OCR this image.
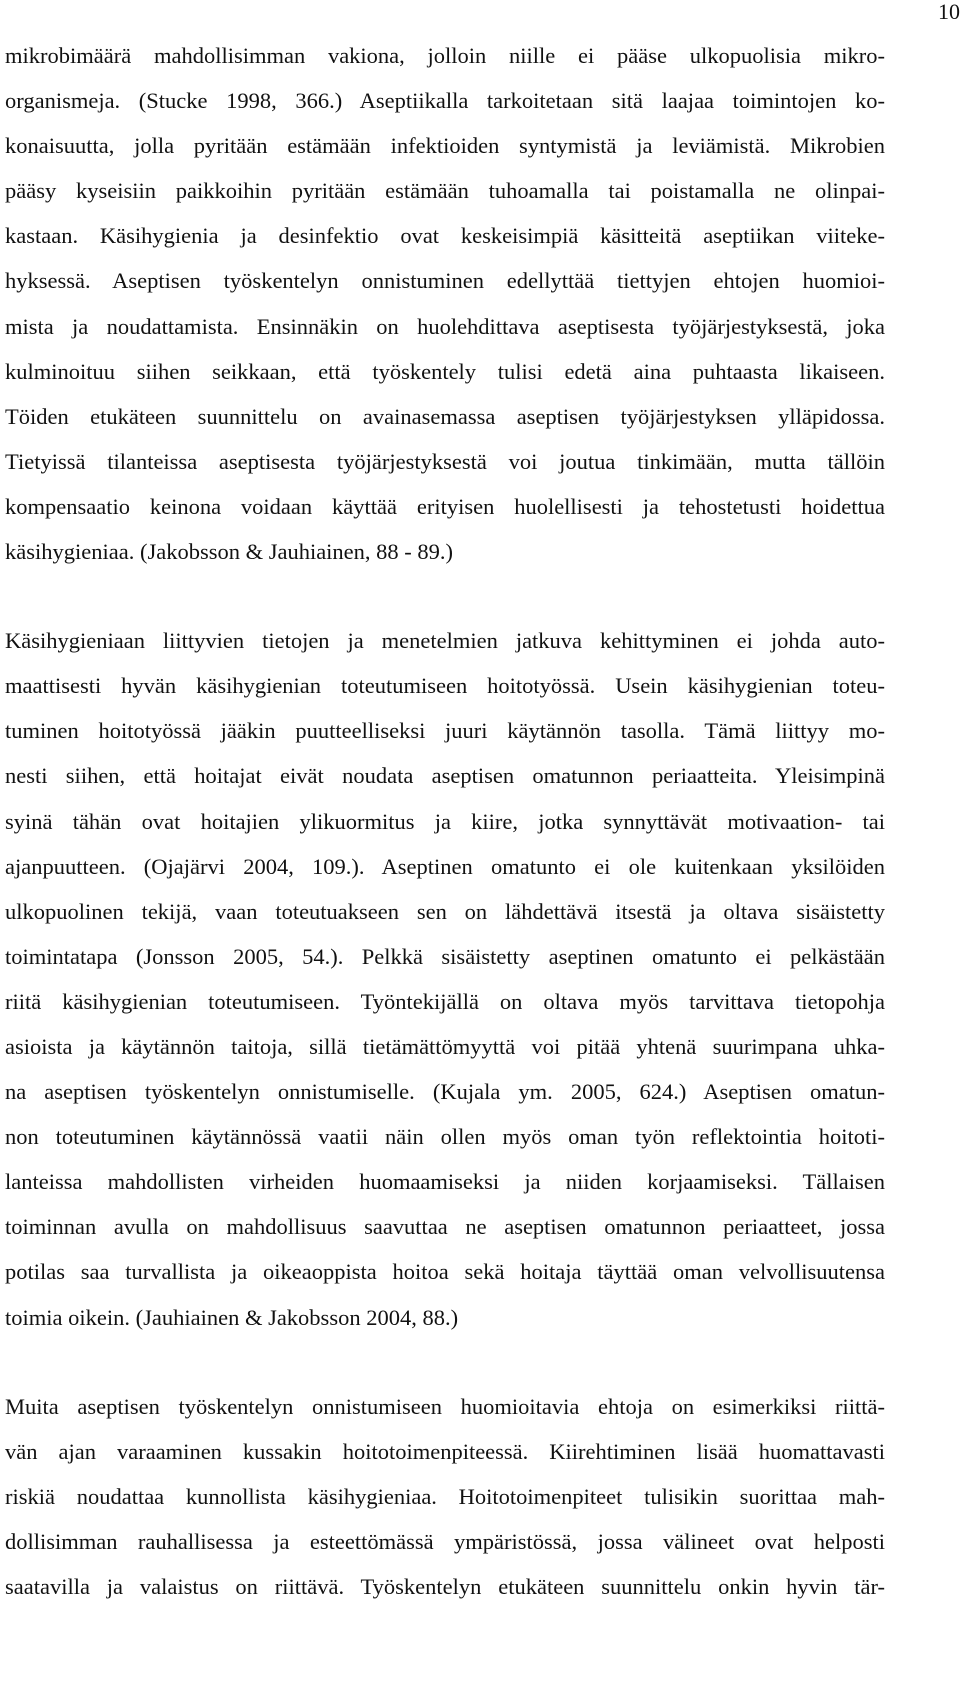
10
mikrobimäärä mahdollisimman vakiona, jolloin niille ei pääse ulkopuolisia mikro-
organismeja. (Stucke 1998, 366.) Aseptiikalla tarkoitetaan sitä laajaa toimintojen ko-
konaisuutta, jolla pyritään estämään infektioiden syntymistä ja leviämistä. Mikrobien
pääsy kyseisiin paikkoihin pyritään estämään tuhoamalla tai poistamalla ne olinpai-
kastaan. Käsihygienia ja desinfektio ovat keskeisimpiä käsitteitä aseptiikan viiteke-
hyksessä. Aseptisen työskentelyn onnistuminen edellyttää tiettyjen ehtojen huomioi-
mista ja noudattamista. Ensinnäkin on huolehdittava aseptisesta työjärjestyksestä, joka
kulminoituu siihen seikkaan, että työskentely tulisi edetä aina puhtaasta likaiseen.
Töiden etukäteen suunnittelu on avainasemassa aseptisen työjärjestyksen ylläpidossa.
Tietyissä tilanteissa aseptisesta työjärjestyksestä voi joutua tinkimään, mutta tällöin
kompensaatio keinona voidaan käyttää erityisen huolellisesti ja tehostetusti hoidettua
käsihygieniaa. (Jakobsson & Jauhiainen, 88 - 89.)
Käsihygieniaan liittyvien tietojen ja menetelmien jatkuva kehittyminen ei johda auto-
maattisesti hyvän käsihygienian toteutumiseen hoitotyössä. Usein käsihygienian toteu-
tuminen hoitotyössä jääkin puutteelliseksi juuri käytännön tasolla. Tämä liittyy mo-
nesti siihen, että hoitajat eivät noudata aseptisen omatunnon periaatteita. Yleisimpinä
syinä tähän ovat hoitajien ylikuormitus ja kiire, jotka synnyttävät motivaation- tai
ajanpuutteen. (Ojajärvi 2004, 109.). Aseptinen omatunto ei ole kuitenkaan yksilöiden
ulkopuolinen tekijä, vaan toteutuakseen sen on lähdettävä itsestä ja oltava sisäistetty
toimintatapa (Jonsson 2005, 54.). Pelkkä sisäistetty aseptinen omatunto ei pelkästään
riitä käsihygienian toteutumiseen. Työntekijällä on oltava myös tarvittava tietopohja
asioista ja käytännön taitoja, sillä tietämättömyyttä voi pitää yhtenä suurimpana uhka-
na aseptisen työskentelyn onnistumiselle. (Kujala ym. 2005, 624.) Aseptisen omatun-
non toteutuminen käytännössä vaatii näin ollen myös oman työn reflektointia hoitoti-
lanteissa mahdollisten virheiden huomaamiseksi ja niiden korjaamiseksi. Tällaisen
toiminnan avulla on mahdollisuus saavuttaa ne aseptisen omatunnon periaatteet, jossa
potilas saa turvallista ja oikeaoppista hoitoa sekä hoitaja täyttää oman velvollisuutensa
toimia oikein. (Jauhiainen & Jakobsson 2004, 88.)
Muita aseptisen työskentelyn onnistumiseen huomioitavia ehtoja on esimerkiksi riittä-
vän ajan varaaminen kussakin hoitotoimenpiteessä. Kiirehtiminen lisää huomattavasti
riskiä noudattaa kunnollista käsihygieniaa. Hoitotoimenpiteet tulisikin suorittaa mah-
dollisimman rauhallisessa ja esteettömässä ympäristössä, jossa välineet ovat helposti
saatavilla ja valaistus on riittävä. Työskentelyn etukäteen suunnittelu onkin hyvin tär-
